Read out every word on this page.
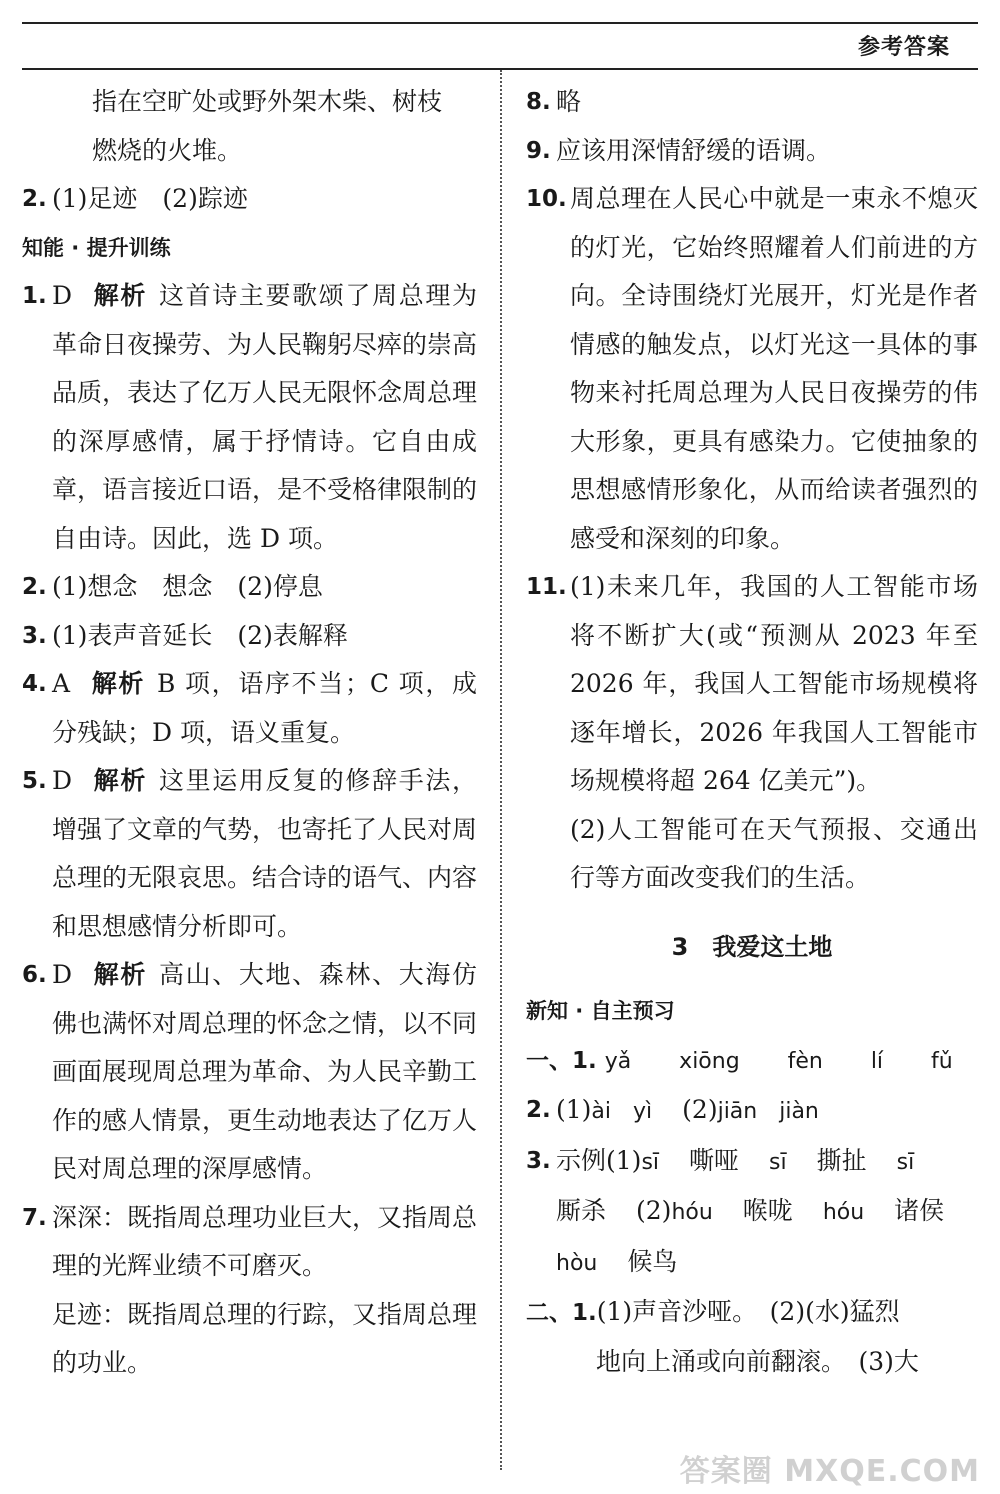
参考答案
指在空旷处或野外架木柴、树枝
燃烧的火堆。
2. (1)足迹　(2)踪迹
知能 · 提升训练
1. D 解析 这首诗主要歌颂了周总理为革命日夜操劳、为人民鞠躬尽瘁的崇高品质，表达了亿万人民无限怀念周总理的深厚感情，属于抒情诗。它自由成章，语言接近口语，是不受格律限制的自由诗。因此，选 D 项。
2. (1)想念　想念　(2)停息
3. (1)表声音延长　(2)表解释
4. A 解析 B 项，语序不当；C 项，成分残缺；D 项，语义重复。
5. D 解析 这里运用反复的修辞手法，增强了文章的气势，也寄托了人民对周总理的无限哀思。结合诗的语气、内容和思想感情分析即可。
6. D 解析 高山、大地、森林、大海仿佛也满怀对周总理的怀念之情，以不同画面展现周总理为革命、为人民辛勤工作的感人情景，更生动地表达了亿万人民对周总理的深厚感情。
7. 深深：既指周总理功业巨大，又指周总理的光辉业绩不可磨灭。
足迹：既指周总理的行踪，又指周总理的功业。
8. 略
9. 应该用深情舒缓的语调。
10. 周总理在人民心中就是一束永不熄灭的灯光，它始终照耀着人们前进的方向。全诗围绕灯光展开，灯光是作者情感的触发点，以灯光这一具体的事物来衬托周总理为人民日夜操劳的伟大形象，更具有感染力。它使抽象的思想感情形象化，从而给读者强烈的感受和深刻的印象。
11. (1)未来几年，我国的人工智能市场将不断扩大(或“预测从 2023 年至 2026 年，我国人工智能市场规模将逐年增长，2026 年我国人工智能市场规模将超 264 亿美元”)。
(2)人工智能可在天气预报、交通出行等方面改变我们的生活。
3 我爱这土地
新知 · 自主预习
一、1. yǎ xiōng fèn lí fǔ
2. (1)ài　yì (2)jiān　jiàn
3. 示例(1)sī 嘶哑 sī 撕扯 sī
厮杀 (2)hóu 喉咙 hóu 诸侯
hòu 候鸟
二、1.(1)声音沙哑。　(2)(水)猛烈
地向上涌或向前翻滚。　(3)大
答案圈 MXQE.COM
